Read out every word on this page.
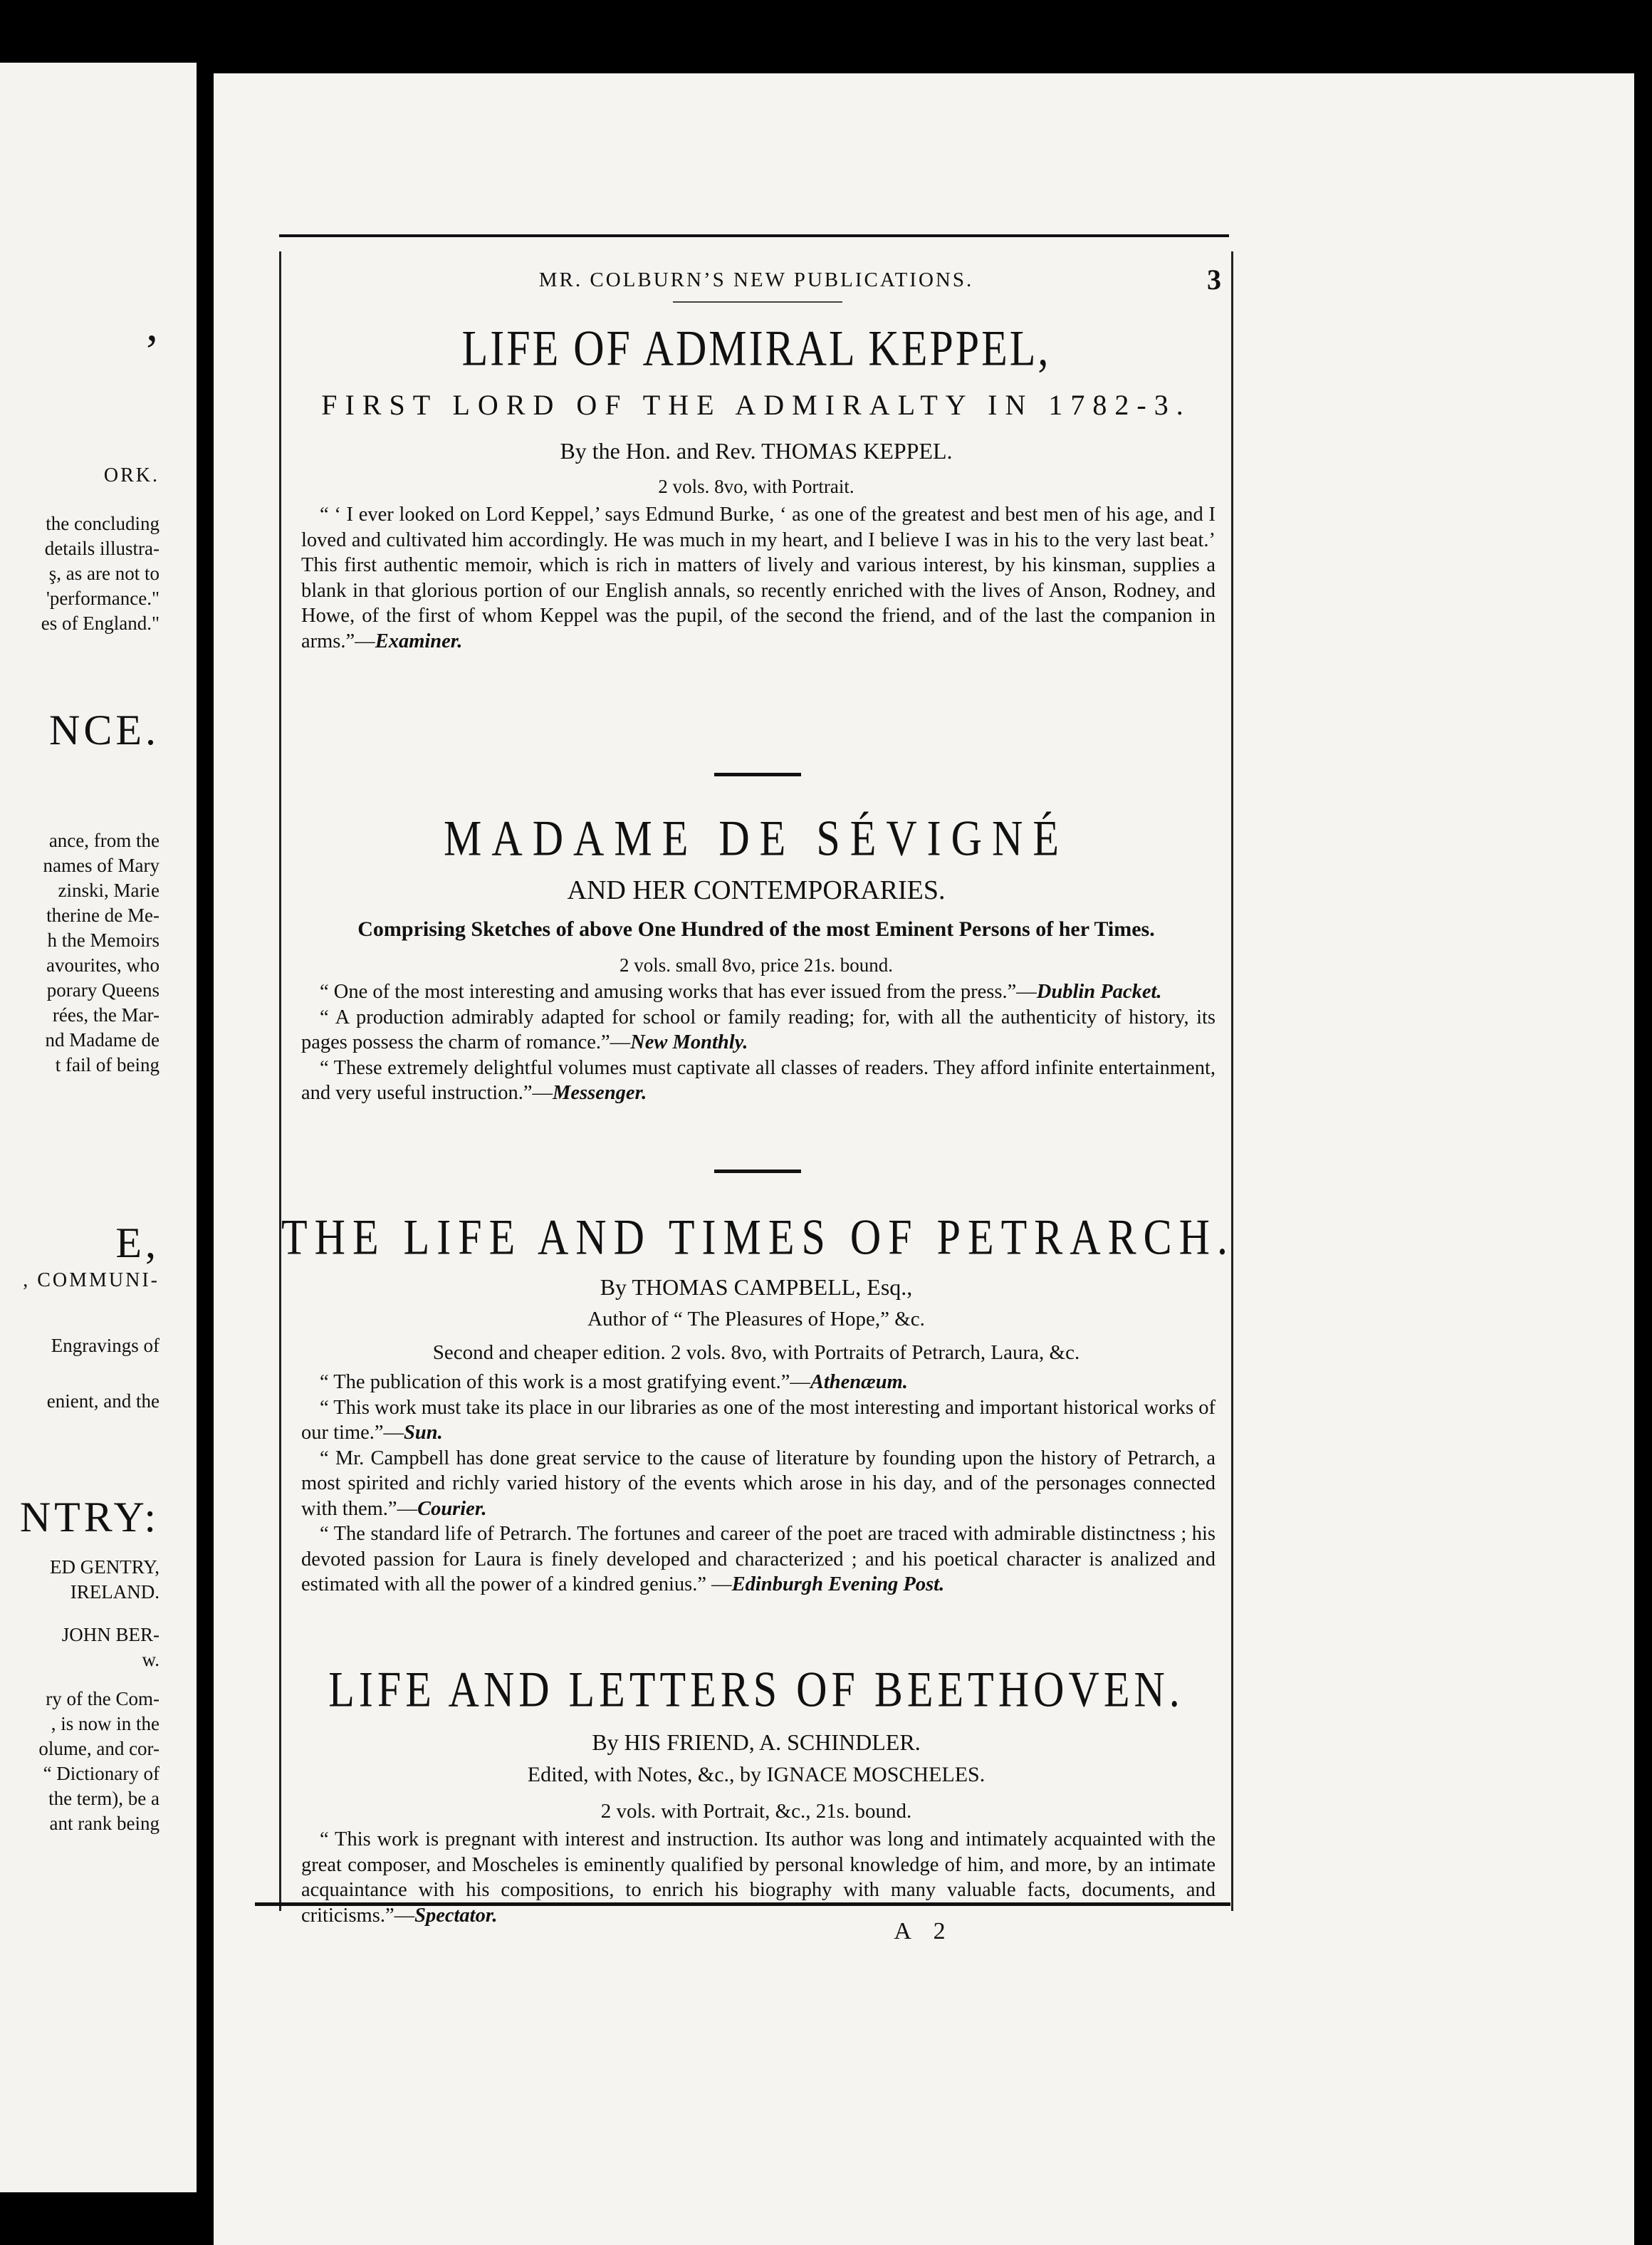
’
ORK.
the concluding
details illustra-
ş, as are not to
'performance."
es of England."
NCE.
ance, from the
names of Mary
zinski, Marie
therine de Me-
h the Memoirs
avourites, who
porary Queens
rées, the Mar-
nd Madame de
t fail of being
E,
, COMMUNI-
Engravings of
enient, and the
NTRY:
ED GENTRY,
IRELAND.
JOHN BER-
w.
ry of the Com-
, is now in the
olume, and cor-
“ Dictionary of
the term), be a
ant rank being
MR. COLBURN’S NEW PUBLICATIONS.	3
LIFE OF ADMIRAL KEPPEL,
FIRST LORD OF THE ADMIRALTY IN 1782-3.
By the Hon. and Rev. THOMAS KEPPEL.
2 vols. 8vo, with Portrait.

“ ‘ I ever looked on Lord Keppel,’ says Edmund Burke, ‘ as one of the greatest and best men of his age, and I loved and cultivated him accordingly. He was much in my heart, and I believe I was in his to the very last beat.’ This first authentic memoir, which is rich in matters of lively and various interest, by his kinsman, supplies a blank in that glorious portion of our English annals, so recently enriched with the lives of Anson, Rodney, and Howe, of the first of whom Keppel was the pupil, of the second the friend, and of the last the companion in arms.”—Examiner.

MADAME DE SÉVIGNÉ
AND HER CONTEMPORARIES.
Comprising Sketches of above One Hundred of the most Eminent Persons of her Times.
2 vols. small 8vo, price 21s. bound.

“ One of the most interesting and amusing works that has ever issued from the press.”—Dublin Packet.

“ A production admirably adapted for school or family reading; for, with all the authenticity of history, its pages possess the charm of romance.”—New Monthly.

“ These extremely delightful volumes must captivate all classes of readers. They afford infinite entertainment, and very useful instruction.”—Messenger.

THE LIFE AND TIMES OF PETRARCH.
By THOMAS CAMPBELL, Esq.,
Author of “ The Pleasures of Hope,” &c.
Second and cheaper edition. 2 vols. 8vo, with Portraits of Petrarch, Laura, &c.

“ The publication of this work is a most gratifying event.”—Athenæum.

“ This work must take its place in our libraries as one of the most interesting and important historical works of our time.”—Sun.

“ Mr. Campbell has done great service to the cause of literature by founding upon the history of Petrarch, a most spirited and richly varied history of the events which arose in his day, and of the personages connected with them.”—Courier.

“ The standard life of Petrarch. The fortunes and career of the poet are traced with admirable distinctness ; his devoted passion for Laura is finely developed and characterized ; and his poetical character is analized and estimated with all the power of a kindred genius.” —Edinburgh Evening Post.

LIFE AND LETTERS OF BEETHOVEN.
By HIS FRIEND, A. SCHINDLER.
Edited, with Notes, &c., by IGNACE MOSCHELES.
2 vols. with Portrait, &c., 21s. bound.

“ This work is pregnant with interest and instruction. Its author was long and intimately acquainted with the great composer, and Moscheles is eminently qualified by personal knowledge of him, and more, by an intimate acquaintance with his compositions, to enrich his biography with many valuable facts, documents, and criticisms.”—Spectator.

A 2
